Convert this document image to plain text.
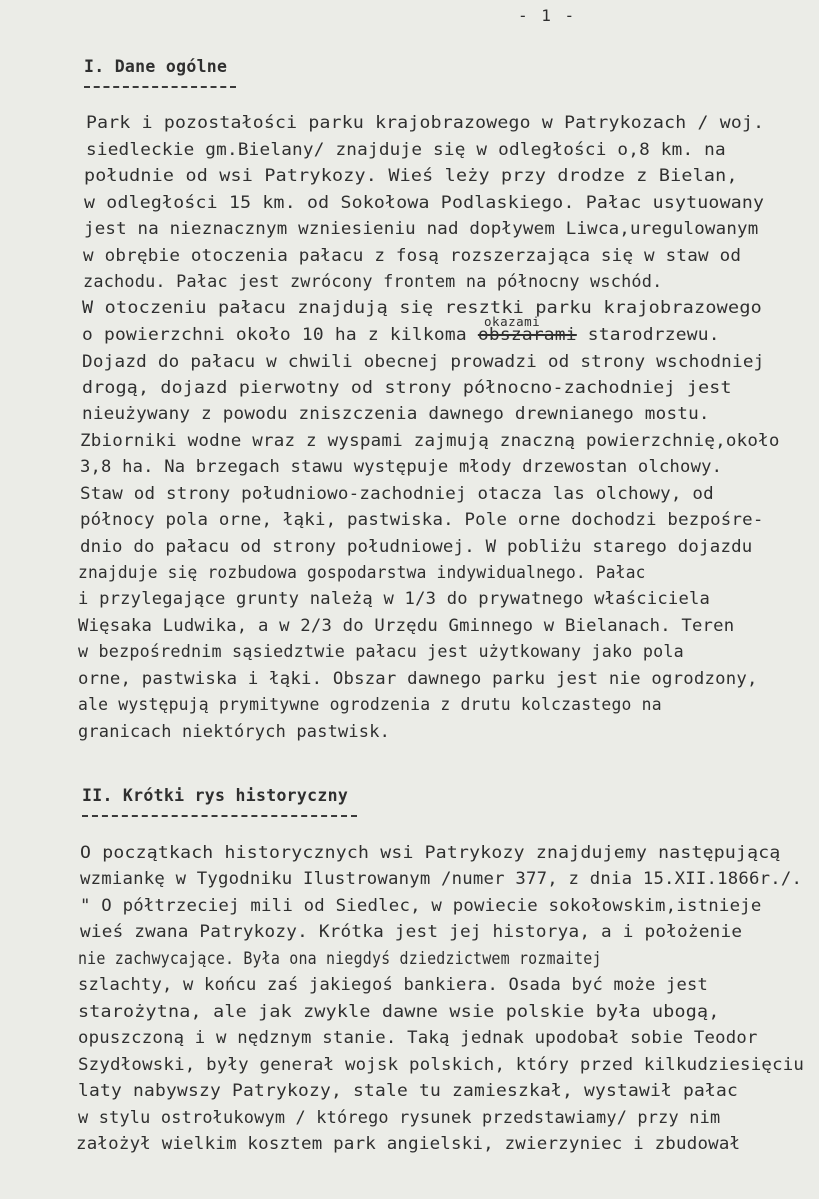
- 1 -
I. Dane ogólne
Park i pozostałości parku krajobrazowego w Patrykozach / woj.
siedleckie gm.Bielany/ znajduje się w odległości o,8 km. na
południe od wsi Patrykozy. Wieś leży przy drodze z Bielan,
w odległości 15 km. od Sokołowa Podlaskiego. Pałac usytuowany
jest na nieznacznym wzniesieniu nad dopływem Liwca,uregulowanym
w obrębie otoczenia pałacu z fosą rozszerzająca się w staw od
zachodu. Pałac jest zwrócony frontem na północny wschód.
W otoczeniu pałacu znajdują się resztki parku krajobrazowego
o powierzchni około 10 ha z kilkoma obszarami starodrzewu.
okazami
Dojazd do pałacu w chwili obecnej prowadzi od strony wschodniej
drogą, dojazd pierwotny od strony północno-zachodniej jest
nieużywany z powodu zniszczenia dawnego drewnianego mostu.
Zbiorniki wodne wraz z wyspami zajmują znaczną powierzchnię,około
3,8 ha. Na brzegach stawu występuje młody drzewostan olchowy.
Staw od strony południowo-zachodniej otacza las olchowy, od
północy pola orne, łąki, pastwiska. Pole orne dochodzi bezpośre-
dnio do pałacu od strony południowej. W pobliżu starego dojazdu
znajduje się rozbudowa gospodarstwa indywidualnego. Pałac
i przylegające grunty należą w 1/3 do prywatnego właściciela
Więsaka Ludwika, a w 2/3 do Urzędu Gminnego w Bielanach. Teren
w bezpośrednim sąsiedztwie pałacu jest użytkowany jako pola
orne, pastwiska i łąki. Obszar dawnego parku jest nie ogrodzony,
ale występują prymitywne ogrodzenia z drutu kolczastego na
granicach niektórych pastwisk.
II. Krótki rys historyczny
O początkach historycznych wsi Patrykozy znajdujemy następującą
wzmiankę w Tygodniku Ilustrowanym /numer 377, z dnia 15.XII.1866r./.
" O półtrzeciej mili od Siedlec, w powiecie sokołowskim,istnieje
wieś zwana Patrykozy. Krótka jest jej historya, a i położenie
nie zachwycające. Była ona niegdyś dziedzictwem rozmaitej
szlachty, w końcu zaś jakiegoś bankiera. Osada być może jest
starożytna, ale jak zwykle dawne wsie polskie była ubogą,
opuszczoną i w nędznym stanie. Taką jednak upodobał sobie Teodor
Szydłowski, były generał wojsk polskich, który przed kilkudziesięciu
laty nabywszy Patrykozy, stale tu zamieszkał, wystawił pałac
w stylu ostrołukowym / którego rysunek przedstawiamy/ przy nim
założył wielkim kosztem park angielski, zwierzyniec i zbudował
